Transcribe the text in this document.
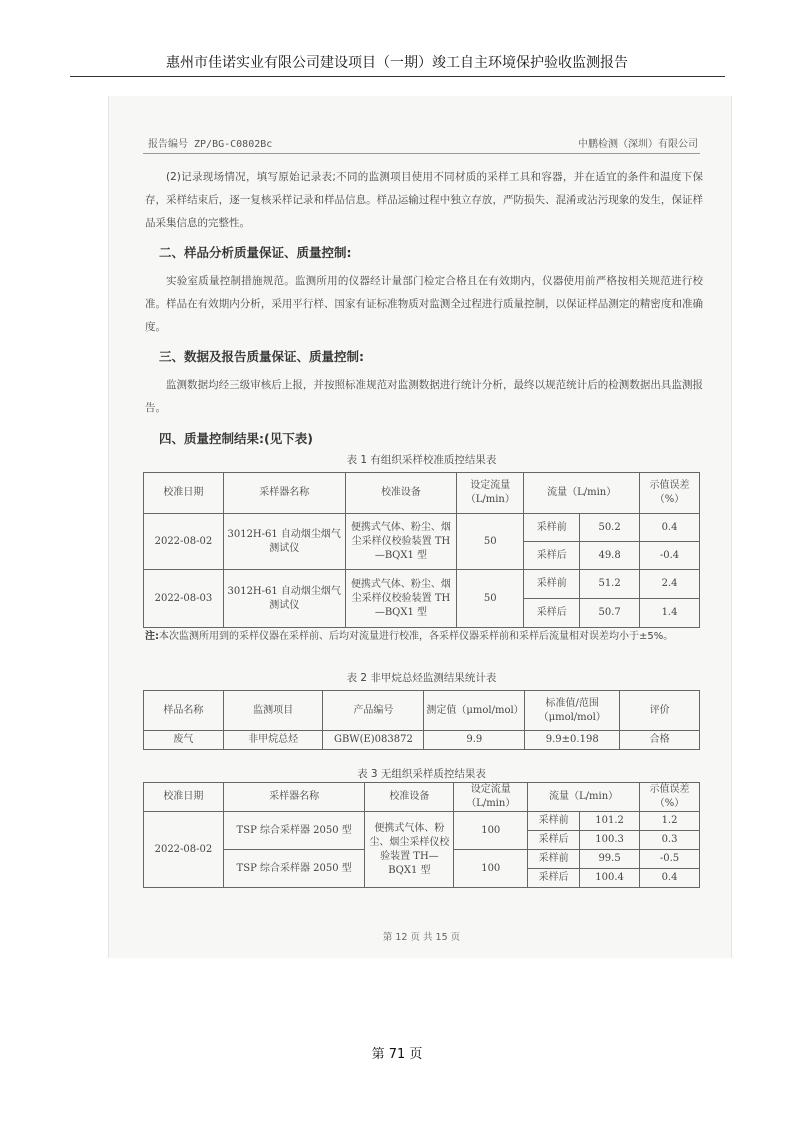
惠州市佳诺实业有限公司建设项目（一期）竣工自主环境保护验收监测报告
报告编号 ZP/BG-C0802Bc	中鹏检测（深圳）有限公司
(2)记录现场情况，填写原始记录表;不同的监测项目使用不同材质的采样工具和容器，并在适宜的条件和温度下保存，采样结束后，逐一复核采样记录和样品信息。样品运输过程中独立存放，严防损失、混淆或沾污现象的发生，保证样品采集信息的完整性。
二、样品分析质量保证、质量控制:
实验室质量控制措施规范。监测所用的仪器经计量部门检定合格且在有效期内，仪器使用前严格按相关规范进行校准。样品在有效期内分析，采用平行样、国家有证标准物质对监测全过程进行质量控制，以保证样品测定的精密度和准确度。
三、数据及报告质量保证、质量控制:
监测数据均经三级审核后上报，并按照标准规范对监测数据进行统计分析，最终以规范统计后的检测数据出具监测报告。
四、质量控制结果:(见下表)
表 1 有组织采样校准质控结果表
校准日期	采样器名称	校准设备	设定流量（L/min）	流量（L/min）		示值误差（%）
2022-08-02	3012H-61 自动烟尘烟气测试仪	便携式气体、粉尘、烟尘采样仪校验装置 TH—BQX1 型	50	采样前	50.2	0.4
				采样后	49.8	-0.4
2022-08-03	3012H-61 自动烟尘烟气测试仪	便携式气体、粉尘、烟尘采样仪校验装置 TH—BQX1 型	50	采样前	51.2	2.4
				采样后	50.7	1.4
注:本次监测所用到的采样仪器在采样前、后均对流量进行校准，各采样仪器采样前和采样后流量相对误差均小于±5%。
表 2 非甲烷总烃监测结果统计表
样品名称	监测项目	产品编号	测定值（μmol/mol）	标准值/范围（μmol/mol）	评价
废气	非甲烷总烃	GBW(E)083872	9.9	9.9±0.198	合格
表 3 无组织采样质控结果表
校准日期	采样器名称	校准设备	设定流量（L/min）	流量（L/min）		示值误差（%）
2022-08-02	TSP 综合采样器 2050 型	便携式气体、粉尘、烟尘采样仪校验装置 TH—BQX1 型	100	采样前	101.2	1.2
				采样后	100.3	0.3
	TSP 综合采样器 2050 型		100	采样前	99.5	-0.5
				采样后	100.4	0.4
第 12 页 共 15 页
第 71 页
